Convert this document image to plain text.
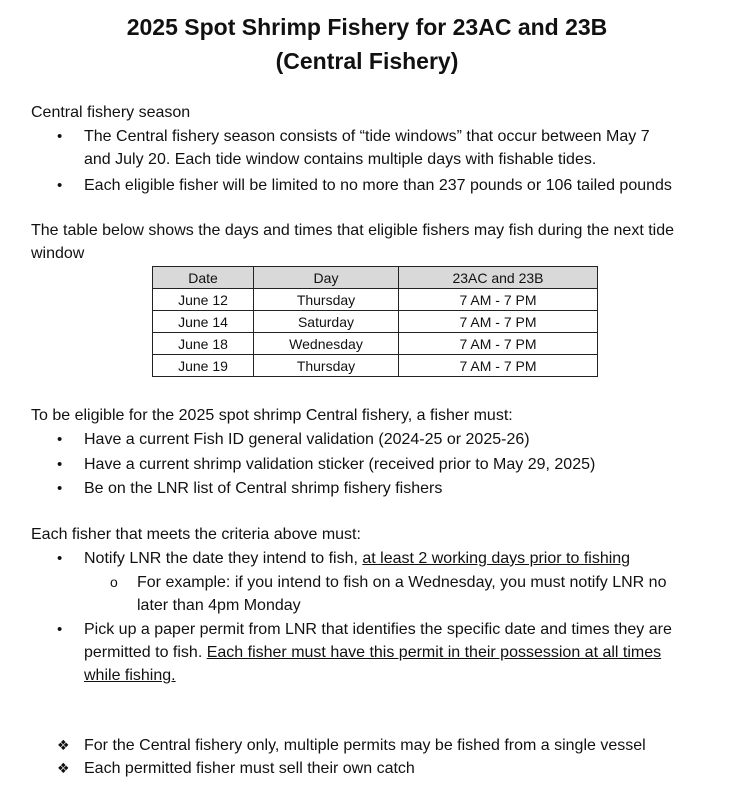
2025 Spot Shrimp Fishery for 23AC and 23B
(Central Fishery)
Central fishery season
• The Central fishery season consists of “tide windows” that occur between May 7
and July 20. Each tide window contains multiple days with fishable tides.
• Each eligible fisher will be limited to no more than 237 pounds or 106 tailed pounds
The table below shows the days and times that eligible fishers may fish during the next tide
window
Date	Day	23AC and 23B
June 12	Thursday	7 AM - 7 PM
June 14	Saturday	7 AM - 7 PM
June 18	Wednesday	7 AM - 7 PM
June 19	Thursday	7 AM - 7 PM
To be eligible for the 2025 spot shrimp Central fishery, a fisher must:
• Have a current Fish ID general validation (2024-25 or 2025-26)
• Have a current shrimp validation sticker (received prior to May 29, 2025)
• Be on the LNR list of Central shrimp fishery fishers
Each fisher that meets the criteria above must:
• Notify LNR the date they intend to fish, at least 2 working days prior to fishing
o For example: if you intend to fish on a Wednesday, you must notify LNR no
later than 4pm Monday
• Pick up a paper permit from LNR that identifies the specific date and times they are
permitted to fish. Each fisher must have this permit in their possession at all times
while fishing.
❖ For the Central fishery only, multiple permits may be fished from a single vessel
❖ Each permitted fisher must sell their own catch
